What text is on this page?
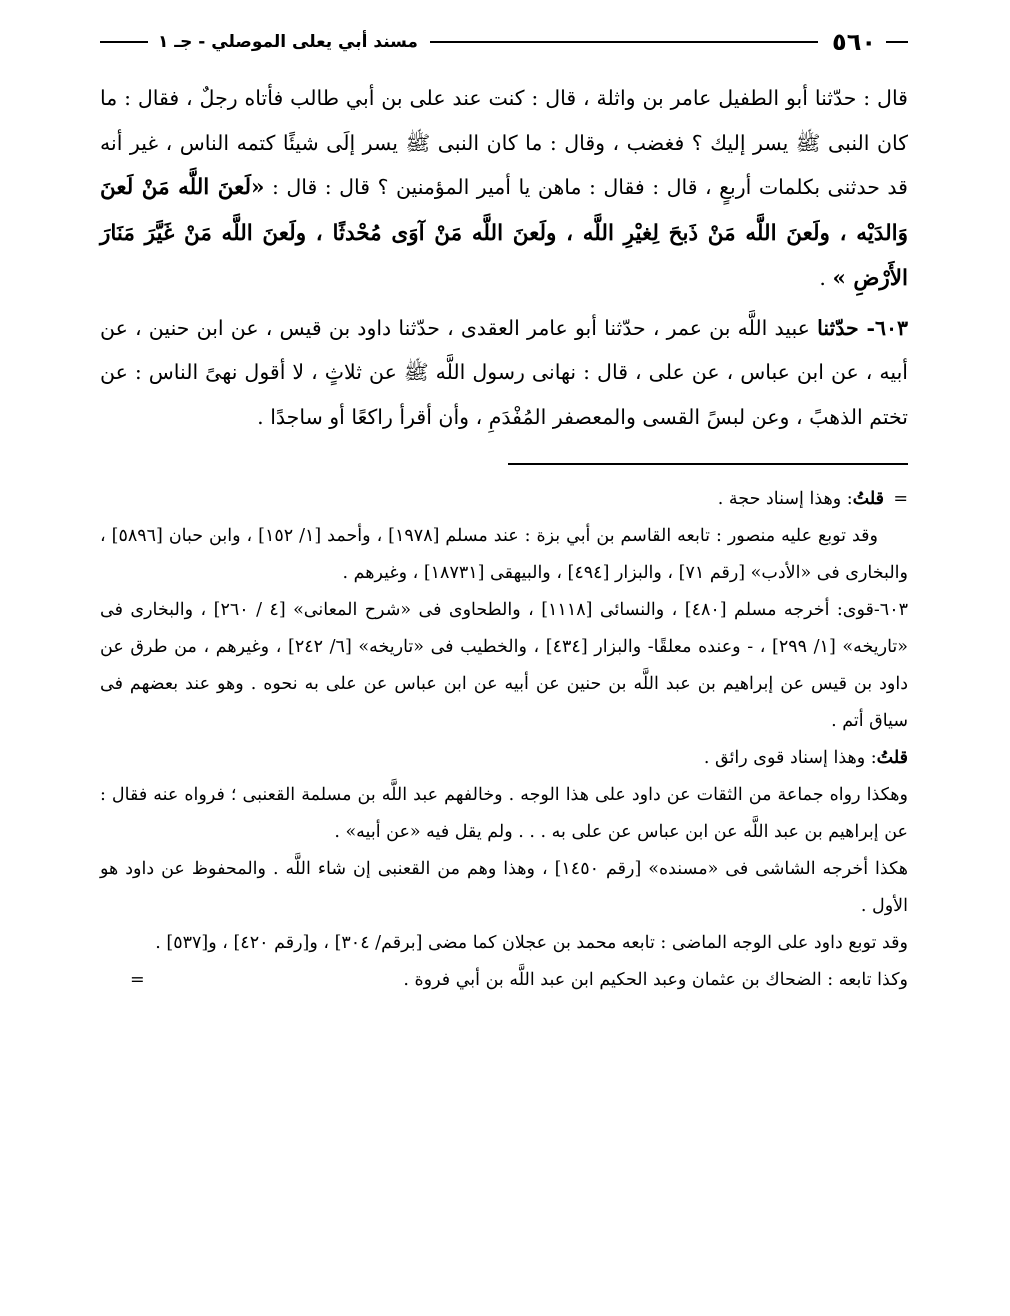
٥٦٠
مسند أبي يعلى الموصلي - جـ ١

قال : حدّثنا أبو الطفيل عامر بن واثلة ، قال : كنت عند على بن أبي طالب فأتاه رجلٌ ، فقال : ما كان النبى ﷺ يسر إليك ؟ فغضب ، وقال : ما كان النبى ﷺ يسر إلَى شيئًا كتمه الناس ، غير أنه قد حدثنى بكلمات أربعٍ ، قال : فقال : ماهن يا أمير المؤمنين ؟ قال : قال : «لَعنَ اللَّه مَنْ لَعنَ وَالدَيْه ، ولَعنَ اللَّه مَنْ ذَبحَ لِغيْرِ اللَّه ، ولَعنَ اللَّه مَنْ آوَى مُحْدثًا ، ولَعنَ اللَّه مَنْ غَيَّرَ مَنَارَ الأَرْضِ » .

٦٠٣- حدّثنا عبيد اللَّه بن عمر ، حدّثنا أبو عامر العقدى ، حدّثنا داود بن قيس ، عن ابن حنين ، عن أبيه ، عن ابن عباس ، عن على ، قال : نهانى رسول اللَّه ﷺ عن ثلاثٍ ، لا أقول نهىً الناس : عن تختم الذهبً ، وعن لبسً القسى والمعصفر المُفْدَمِ ، وأن أقرأ راكعًا أو ساجدًا .

=قلتُ: وهذا إسناد حجة .

وقد توبع عليه منصور : تابعه القاسم بن أبي بزة : عند مسلم [١٩٧٨] ، وأحمد [١/ ١٥٢] ، وابن حبان [٥٨٩٦] ، والبخارى فى «الأدب» [رقم ٧١] ، والبزار [٤٩٤] ، والبيهقى [١٨٧٣١] ، وغيرهم .

٦٠٣-قوى: أخرجه مسلم [٤٨٠] ، والنسائى [١١١٨] ، والطحاوى فى «شرح المعانى» [٤ / ٢٦٠] ، والبخارى فى «تاريخه» [١/ ٢٩٩] ، - وعنده معلقًا- والبزار [٤٣٤] ، والخطيب فى «تاريخه» [٦/ ٢٤٢] ، وغيرهم ، من طرق عن داود بن قيس عن إبراهيم بن عبد اللَّه بن حنين عن أبيه عن ابن عباس عن على به نحوه . وهو عند بعضهم فى سياق أتم .

قلتُ: وهذا إسناد قوى رائق .

وهكذا رواه جماعة من الثقات عن داود على هذا الوجه . وخالفهم عبد اللَّه بن مسلمة القعنبى ؛ فرواه عنه فقال : عن إبراهيم بن عبد اللَّه عن ابن عباس عن على به . . . ولم يقل فيه «عن أبيه» .

هكذا أخرجه الشاشى فى «مسنده» [رقم ١٤٥٠] ، وهذا وهم من القعنبى إن شاء اللَّه . والمحفوظ عن داود هو الأول .

وقد توبع داود على الوجه الماضى : تابعه محمد بن عجلان كما مضى [برقم/ ٣٠٤] ، و[رقم ٤٢٠] ، و[٥٣٧] .

وكذا تابعه : الضحاك بن عثمان وعبد الحكيم ابن عبد اللَّه بن أبي فروة .
=
